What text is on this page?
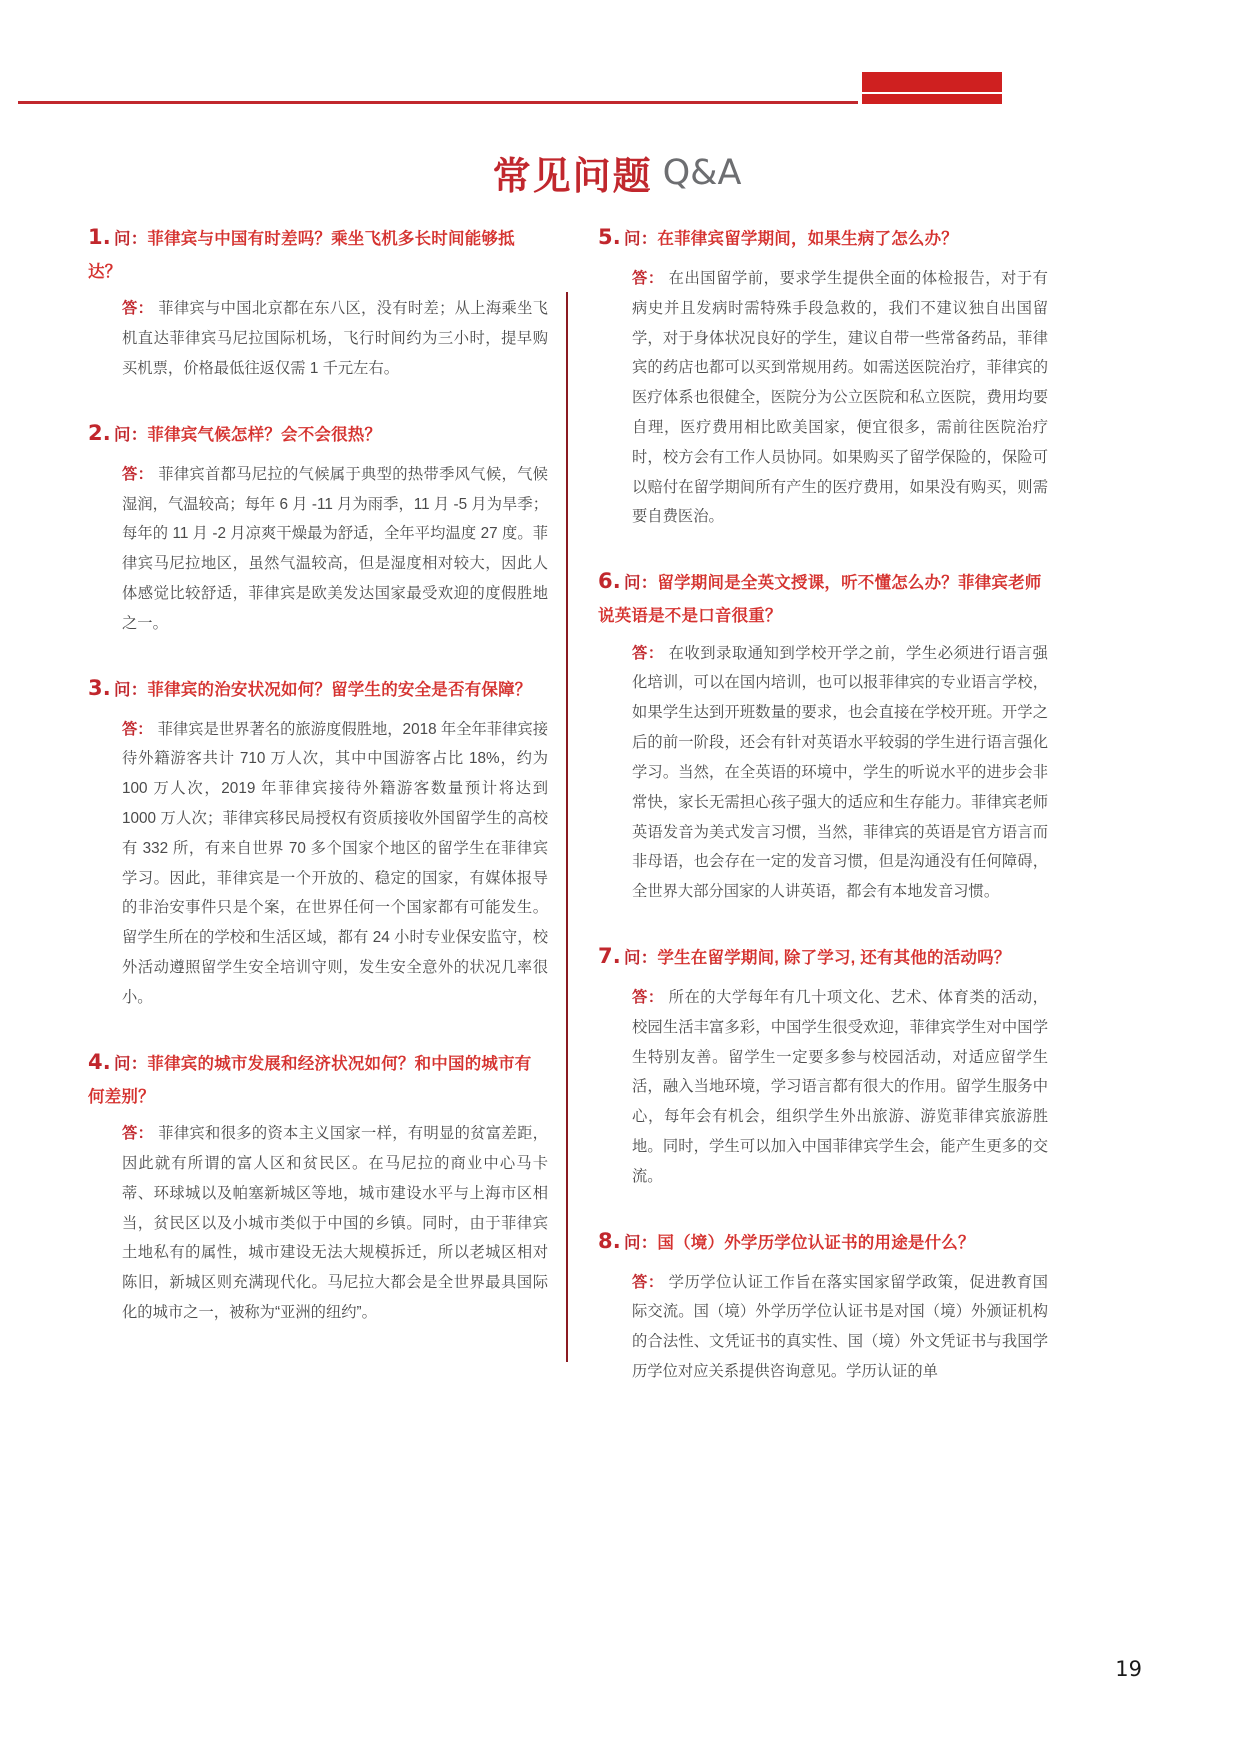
常见问题 Q&A
1. 问：菲律宾与中国有时差吗？乘坐飞机多长时间能够抵达？
答： 菲律宾与中国北京都在东八区，没有时差；从上海乘坐飞机直达菲律宾马尼拉国际机场，飞行时间约为三小时，提早购买机票，价格最低往返仅需 1 千元左右。
2. 问：菲律宾气候怎样？会不会很热？
答： 菲律宾首都马尼拉的气候属于典型的热带季风气候，气候湿润，气温较高；每年 6 月 -11 月为雨季，11 月 -5 月为旱季；每年的 11 月 -2 月凉爽干燥最为舒适，全年平均温度 27 度。菲律宾马尼拉地区，虽然气温较高，但是湿度相对较大，因此人体感觉比较舒适，菲律宾是欧美发达国家最受欢迎的度假胜地之一。
3. 问：菲律宾的治安状况如何？留学生的安全是否有保障？
答： 菲律宾是世界著名的旅游度假胜地，2018 年全年菲律宾接待外籍游客共计 710 万人次，其中中国游客占比 18%，约为 100 万人次，2019 年菲律宾接待外籍游客数量预计将达到 1000 万人次；菲律宾移民局授权有资质接收外国留学生的高校有 332 所，有来自世界 70 多个国家个地区的留学生在菲律宾学习。因此，菲律宾是一个开放的、稳定的国家，有媒体报导的非治安事件只是个案，在世界任何一个国家都有可能发生。留学生所在的学校和生活区域，都有 24 小时专业保安监守，校外活动遵照留学生安全培训守则，发生安全意外的状况几率很小。
4. 问：菲律宾的城市发展和经济状况如何？和中国的城市有何差别？
答： 菲律宾和很多的资本主义国家一样，有明显的贫富差距，因此就有所谓的富人区和贫民区。在马尼拉的商业中心马卡蒂、环球城以及帕塞新城区等地，城市建设水平与上海市区相当，贫民区以及小城市类似于中国的乡镇。同时，由于菲律宾土地私有的属性，城市建设无法大规模拆迁，所以老城区相对陈旧，新城区则充满现代化。马尼拉大都会是全世界最具国际化的城市之一，被称为“亚洲的纽约”。
5. 问：在菲律宾留学期间，如果生病了怎么办？
答： 在出国留学前，要求学生提供全面的体检报告，对于有病史并且发病时需特殊手段急救的，我们不建议独自出国留学，对于身体状况良好的学生，建议自带一些常备药品，菲律宾的药店也都可以买到常规用药。如需送医院治疗，菲律宾的医疗体系也很健全，医院分为公立医院和私立医院，费用均要自理，医疗费用相比欧美国家，便宜很多，需前往医院治疗时，校方会有工作人员协同。如果购买了留学保险的，保险可以赔付在留学期间所有产生的医疗费用，如果没有购买，则需要自费医治。
6. 问：留学期间是全英文授课，听不懂怎么办？菲律宾老师说英语是不是口音很重？
答： 在收到录取通知到学校开学之前，学生必须进行语言强化培训，可以在国内培训，也可以报菲律宾的专业语言学校，如果学生达到开班数量的要求，也会直接在学校开班。开学之后的前一阶段，还会有针对英语水平较弱的学生进行语言强化学习。当然，在全英语的环境中，学生的听说水平的进步会非常快，家长无需担心孩子强大的适应和生存能力。菲律宾老师英语发音为美式发言习惯，当然，菲律宾的英语是官方语言而非母语，也会存在一定的发音习惯，但是沟通没有任何障碍，全世界大部分国家的人讲英语，都会有本地发音习惯。
7. 问：学生在留学期间, 除了学习, 还有其他的活动吗？
答： 所在的大学每年有几十项文化、艺术、体育类的活动，校园生活丰富多彩，中国学生很受欢迎，菲律宾学生对中国学生特别友善。留学生一定要多参与校园活动，对适应留学生活，融入当地环境，学习语言都有很大的作用。留学生服务中心，每年会有机会，组织学生外出旅游、游览菲律宾旅游胜地。同时，学生可以加入中国菲律宾学生会，能产生更多的交流。
8. 问：国（境）外学历学位认证书的用途是什么？
答： 学历学位认证工作旨在落实国家留学政策，促进教育国际交流。国（境）外学历学位认证书是对国（境）外颁证机构的合法性、文凭证书的真实性、国（境）外文凭证书与我国学历学位对应关系提供咨询意见。学历认证的单
19
